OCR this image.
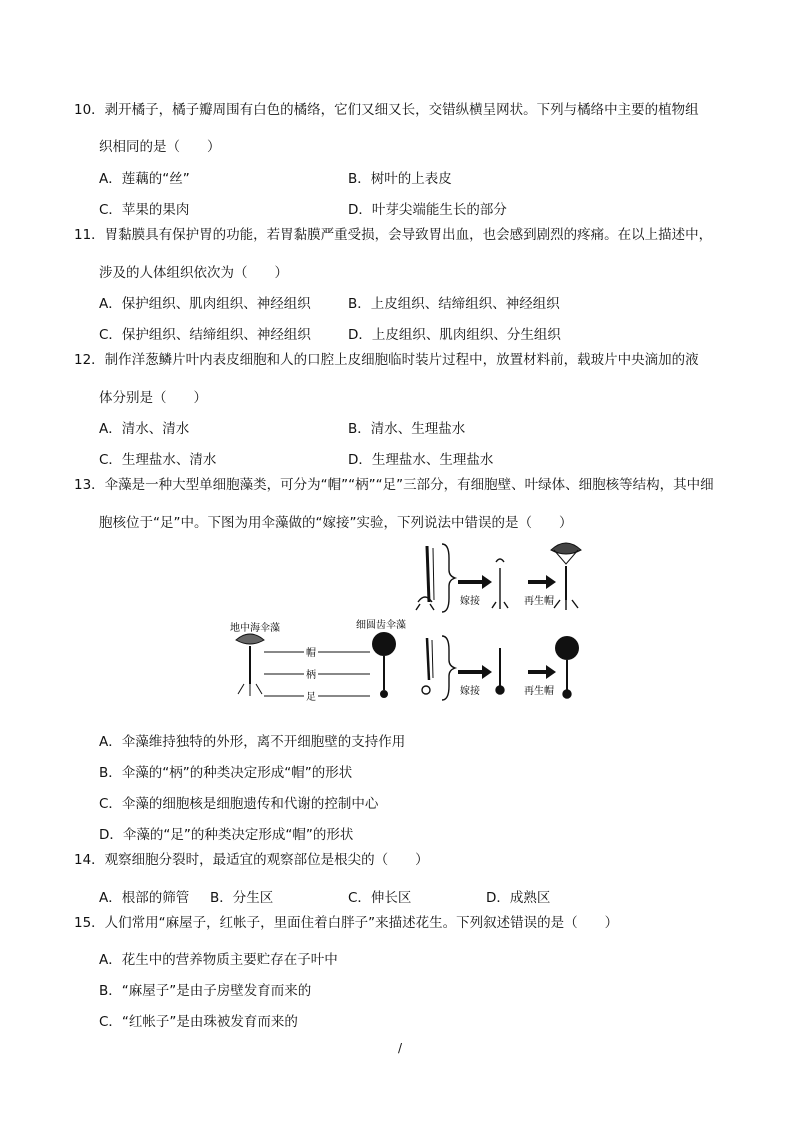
10．剥开橘子，橘子瓣周围有白色的橘络，它们又细又长，交错纵横呈网状。下列与橘络中主要的植物组
织相同的是（　　）
A．莲藕的“丝”	B．树叶的上表皮
C．苹果的果肉	D．叶芽尖端能生长的部分
11．胃黏膜具有保护胃的功能，若胃黏膜严重受损，会导致胃出血，也会感到剧烈的疼痛。在以上描述中，
涉及的人体组织依次为（　　）
A．保护组织、肌肉组织、神经组织	B．上皮组织、结缔组织、神经组织
C．保护组织、结缔组织、神经组织	D．上皮组织、肌肉组织、分生组织
12．制作洋葱鳞片叶内表皮细胞和人的口腔上皮细胞临时装片过程中，放置材料前，载玻片中央滴加的液
体分别是（　　）
A．清水、清水	B．清水、生理盐水
C．生理盐水、清水	D．生理盐水、生理盐水
13．伞藻是一种大型单细胞藻类，可分为“帽”“柄”“足”三部分，有细胞壁、叶绿体、细胞核等结构，其中细
胞核位于“足”中。下图为用伞藻做的“嫁接”实验，下列说法中错误的是（　　）
嫁接	再生帽
地中海伞藻
帽
柄
足
细圆齿伞藻
嫁接	再生帽
A．伞藻维持独特的外形，离不开细胞壁的支持作用
B．伞藻的“柄”的种类决定形成“帽”的形状
C．伞藻的细胞核是细胞遗传和代谢的控制中心
D．伞藻的“足”的种类决定形成“帽”的形状
14．观察细胞分裂时，最适宜的观察部位是根尖的（　　）
A．根部的筛管 B．分生区	C．伸长区	D．成熟区
15．人们常用“麻屋子，红帐子，里面住着白胖子”来描述花生。下列叙述错误的是（　　）
A．花生中的营养物质主要贮存在子叶中
B．“麻屋子”是由子房壁发育而来的
C．“红帐子”是由珠被发育而来的
/
